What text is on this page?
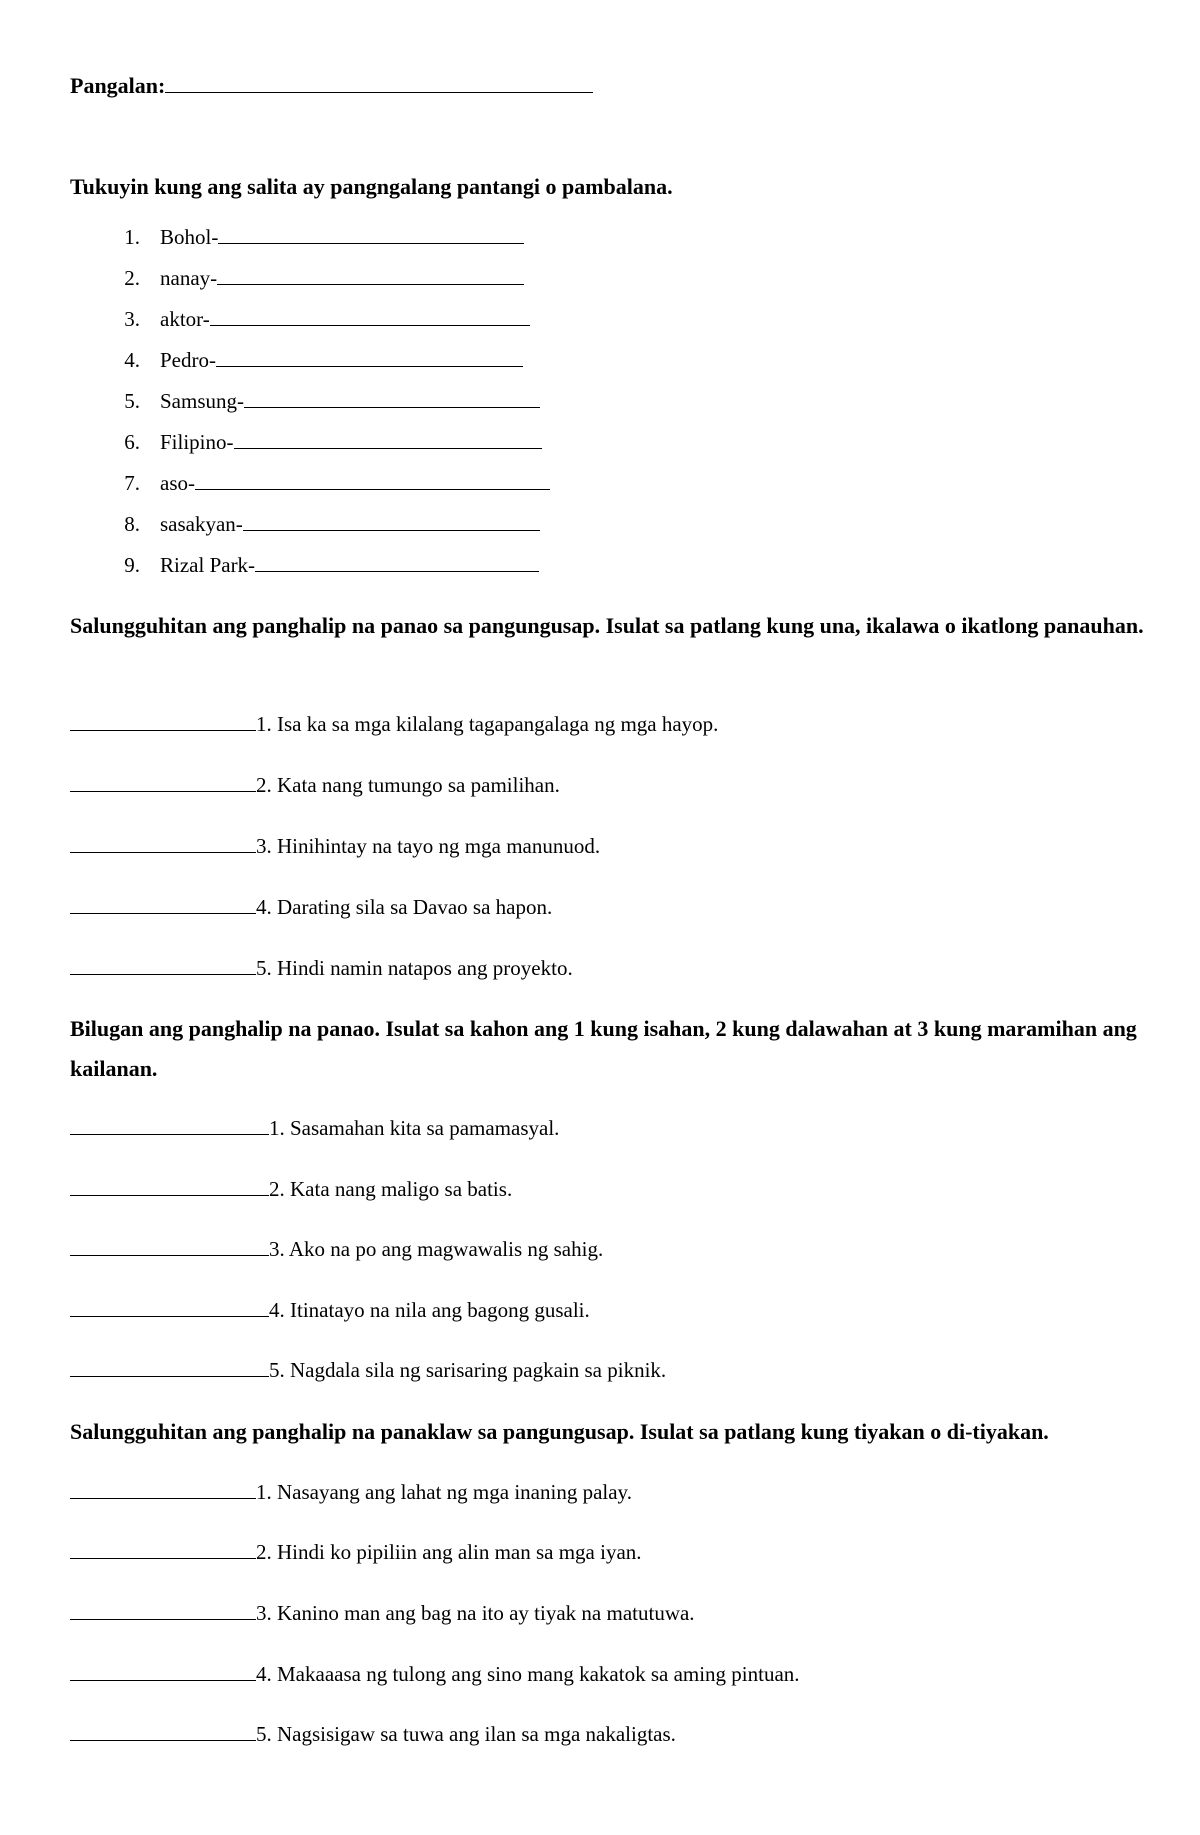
Pangalan:
Tukuyin kung ang salita ay pangngalang pantangi o pambalana.
1. Bohol-
2. nanay-
3. aktor-
4. Pedro-
5. Samsung-
6. Filipino-
7. aso-
8. sasakyan-
9. Rizal Park-
Salungguhitan ang panghalip na panao sa pangungusap. Isulat sa patlang kung una, ikalawa o ikatlong panauhan.
1. Isa ka sa mga kilalang tagapangalaga ng mga hayop.
2. Kata nang tumungo sa pamilihan.
3. Hinihintay na tayo ng mga manunuod.
4. Darating sila sa Davao sa hapon.
5. Hindi namin natapos ang proyekto.
Bilugan ang panghalip na panao. Isulat sa kahon ang 1 kung isahan, 2 kung dalawahan at 3 kung maramihan ang kailanan.
1. Sasamahan kita sa pamamasyal.
2. Kata nang maligo sa batis.
3. Ako na po ang magwawalis ng sahig.
4. Itinatayo na nila ang bagong gusali.
5. Nagdala sila ng sarisaring pagkain sa piknik.
Salungguhitan ang panghalip na panaklaw sa pangungusap. Isulat sa patlang kung tiyakan o di-tiyakan.
1. Nasayang ang lahat ng mga inaning palay.
2. Hindi ko pipiliin ang alin man sa mga iyan.
3. Kanino man ang bag na ito ay tiyak na matutuwa.
4. Makaaasa ng tulong ang sino mang kakatok sa aming pintuan.
5. Nagsisigaw sa tuwa ang ilan sa mga nakaligtas.
